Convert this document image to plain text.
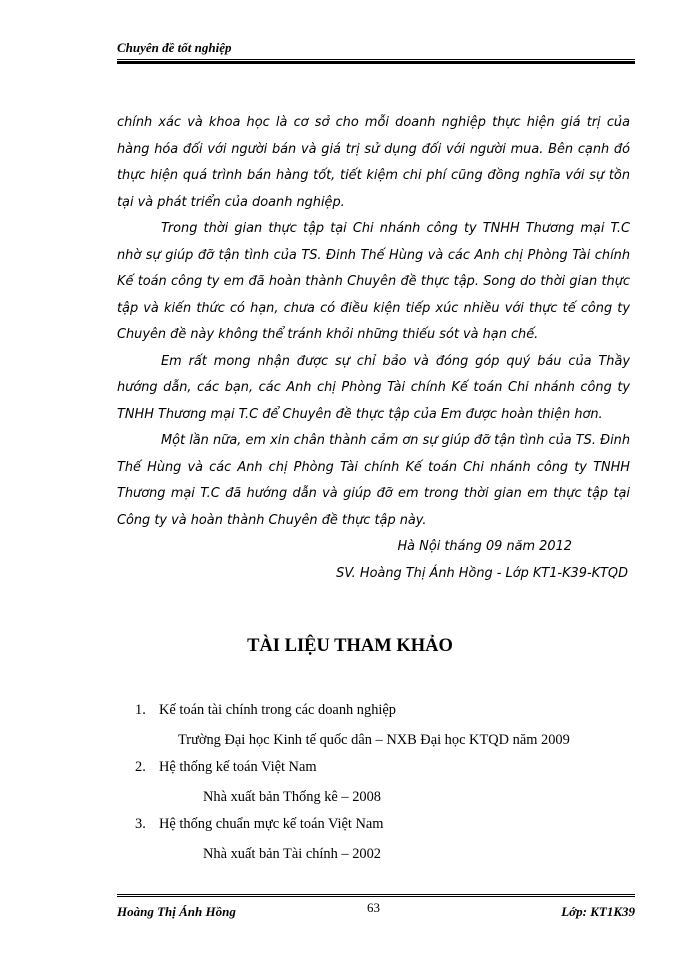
Chuyên đề tốt nghiệp

chính xác và khoa học là cơ sở cho mỗi doanh nghiệp thực hiện giá trị của hàng hóa đối với người bán và giá trị sử dụng đối với người mua. Bên cạnh đó thực hiện quá trình bán hàng tốt, tiết kiệm chi phí cũng đồng nghĩa với sự tồn tại và phát triển của doanh nghiệp.

Trong thời gian thực tập tại Chi nhánh công ty TNHH Thương mại T.C nhờ sự giúp đỡ tận tình của TS. Đinh Thế Hùng và các Anh chị Phòng Tài chính Kế toán công ty em đã hoàn thành Chuyên đề thực tập. Song do thời gian thực tập và kiến thức có hạn, chưa có điều kiện tiếp xúc nhiều với thực tế công ty Chuyên đề này không thể tránh khỏi những thiếu sót và hạn chế.

Em rất mong nhận được sự chỉ bảo và đóng góp quý báu của Thầy hướng dẫn, các bạn, các Anh chị Phòng Tài chính Kế toán Chi nhánh công ty TNHH Thương mại T.C để Chuyên đề thực tập của Em được hoàn thiện hơn.

Một lần nữa, em xin chân thành cảm ơn sự giúp đỡ tận tình của TS. Đinh Thế Hùng và các Anh chị Phòng Tài chính Kế toán Chi nhánh công ty TNHH Thương mại T.C đã hướng dẫn và giúp đỡ em trong thời gian em thực tập tại Công ty và hoàn thành Chuyên đề thực tập này.

Hà Nội tháng 09 năm 2012

SV. Hoàng Thị Ánh Hồng - Lớp KT1-K39-KTQD

TÀI LIỆU THAM KHẢO
1. Kế toán tài chính trong các doanh nghiệp
Trường Đại học Kinh tế quốc dân – NXB Đại học KTQD năm 2009
2. Hệ thống kế toán Việt Nam
Nhà xuất bản Thống kê – 2008
3. Hệ thống chuẩn mực kế toán Việt Nam
Nhà xuất bản Tài chính – 2002
Hoàng Thị Ánh Hồng	63	Lớp: KT1K39
